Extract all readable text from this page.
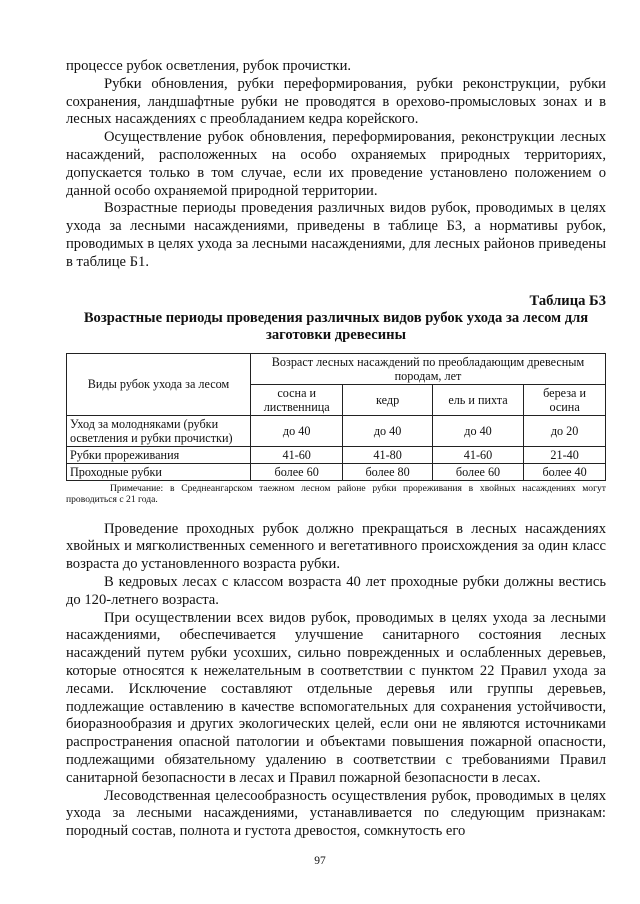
процессе рубок осветления, рубок прочистки.

Рубки обновления, рубки переформирования, рубки реконструкции, рубки сохранения, ландшафтные рубки не проводятся в орехово-промысловых зонах и в лесных насаждениях с преобладанием кедра корейского.

Осуществление рубок обновления, переформирования, реконструкции лесных насаждений, расположенных на особо охраняемых природных территориях, допускается только в том случае, если их проведение установлено положением о данной особо охраняемой природной территории.

Возрастные периоды проведения различных видов рубок, проводимых в целях ухода за лесными насаждениями, приведены в таблице Б3, а нормативы рубок, проводимых в целях ухода за лесными насаждениями, для лесных районов приведены в таблице Б1.

Таблица Б3
Возрастные периоды проведения различных видов рубок ухода за лесом для заготовки древесины
Виды рубок ухода за лесом	Возраст лесных насаждений по преобладающим древесным породам, лет			
	сосна и лиственница	кедр	ель и пихта	береза и осина
Уход за молодняками (рубки осветления и рубки прочистки)	до 40	до 40	до 40	до 20
Рубки прореживания	41-60	41-80	41-60	21-40
Проходные рубки	более 60	более 80	более 60	более 40
Примечание: в Среднеангарском таежном лесном районе рубки прореживания в хвойных насаждениях могут проводиться с 21 года.

Проведение проходных рубок должно прекращаться в лесных насаждениях хвойных и мягколиственных семенного и вегетативного происхождения за один класс возраста до установленного возраста рубки.

В кедровых лесах с классом возраста 40 лет проходные рубки должны вестись до 120-летнего возраста.

При осуществлении всех видов рубок, проводимых в целях ухода за лесными насаждениями, обеспечивается улучшение санитарного состояния лесных насаждений путем рубки усохших, сильно поврежденных и ослабленных деревьев, которые относятся к нежелательным в соответствии с пунктом 22 Правил ухода за лесами. Исключение составляют отдельные деревья или группы деревьев, подлежащие оставлению в качестве вспомогательных для сохранения устойчивости, биоразнообразия и других экологических целей, если они не являются источниками распространения опасной патологии и объектами повышения пожарной опасности, подлежащими обязательному удалению в соответствии с требованиями Правил санитарной безопасности в лесах и Правил пожарной безопасности в лесах.

Лесоводственная целесообразность осуществления рубок, проводимых в целях ухода за лесными насаждениями, устанавливается по следующим признакам: породный состав, полнота и густота древостоя, сомкнутость его

97
